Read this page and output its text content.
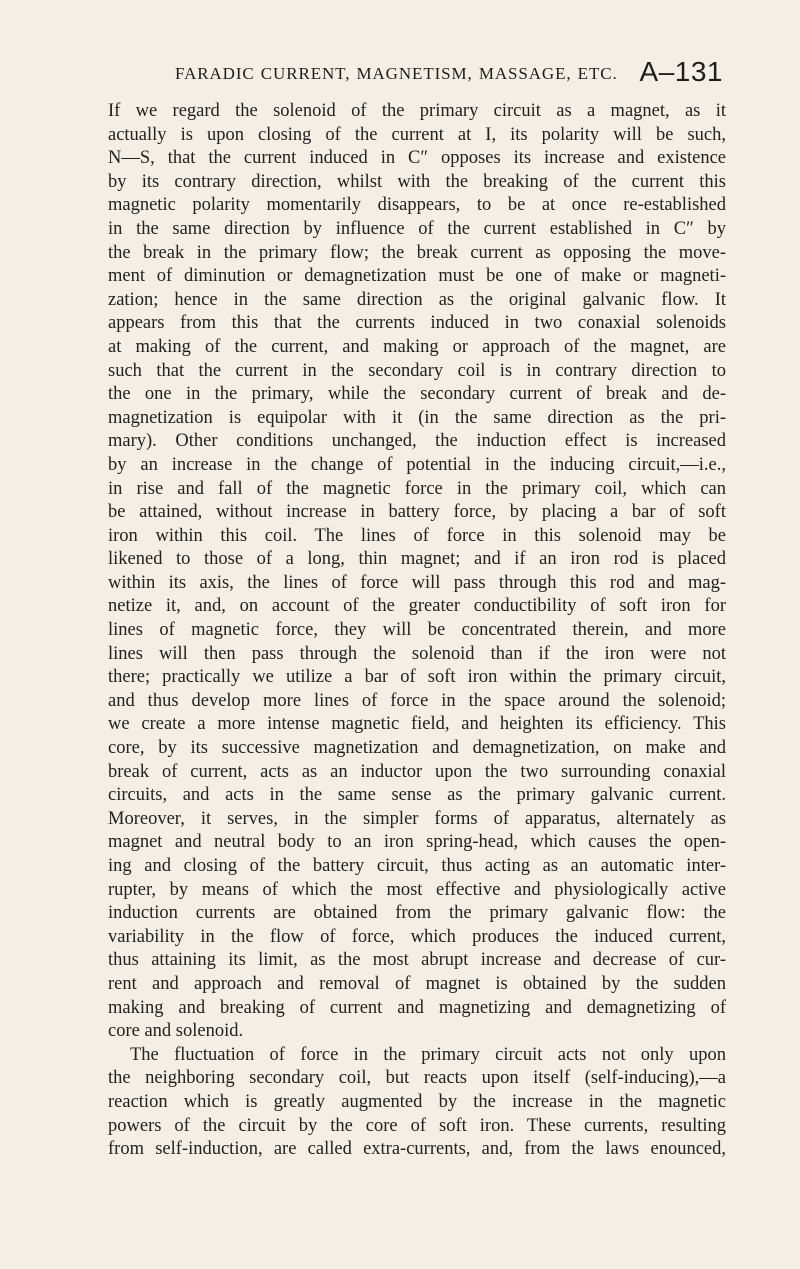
FARADIC CURRENT, MAGNETISM, MASSAGE, ETC. A–131
If we regard the solenoid of the primary circuit as a magnet, as it
actually is upon closing of the current at I, its polarity will be such,
N—S, that the current induced in C″ opposes its increase and existence
by its contrary direction, whilst with the breaking of the current this
magnetic polarity momentarily disappears, to be at once re-established
in the same direction by influence of the current established in C″ by
the break in the primary flow; the break current as opposing the move-
ment of diminution or demagnetization must be one of make or magneti-
zation; hence in the same direction as the original galvanic flow. It
appears from this that the currents induced in two conaxial solenoids
at making of the current, and making or approach of the magnet, are
such that the current in the secondary coil is in contrary direction to
the one in the primary, while the secondary current of break and de-
magnetization is equipolar with it (in the same direction as the pri-
mary). Other conditions unchanged, the induction effect is increased
by an increase in the change of potential in the inducing circuit,—i.e.,
in rise and fall of the magnetic force in the primary coil, which can
be attained, without increase in battery force, by placing a bar of soft
iron within this coil. The lines of force in this solenoid may be
likened to those of a long, thin magnet; and if an iron rod is placed
within its axis, the lines of force will pass through this rod and mag-
netize it, and, on account of the greater conductibility of soft iron for
lines of magnetic force, they will be concentrated therein, and more
lines will then pass through the solenoid than if the iron were not
there; practically we utilize a bar of soft iron within the primary circuit,
and thus develop more lines of force in the space around the solenoid;
we create a more intense magnetic field, and heighten its efficiency. This
core, by its successive magnetization and demagnetization, on make and
break of current, acts as an inductor upon the two surrounding conaxial
circuits, and acts in the same sense as the primary galvanic current.
Moreover, it serves, in the simpler forms of apparatus, alternately as
magnet and neutral body to an iron spring-head, which causes the open-
ing and closing of the battery circuit, thus acting as an automatic inter-
rupter, by means of which the most effective and physiologically active
induction currents are obtained from the primary galvanic flow: the
variability in the flow of force, which produces the induced current,
thus attaining its limit, as the most abrupt increase and decrease of cur-
rent and approach and removal of magnet is obtained by the sudden
making and breaking of current and magnetizing and demagnetizing of
core and solenoid.
The fluctuation of force in the primary circuit acts not only upon
the neighboring secondary coil, but reacts upon itself (self-inducing),—a
reaction which is greatly augmented by the increase in the magnetic
powers of the circuit by the core of soft iron. These currents, resulting
from self-induction, are called extra-currents, and, from the laws enounced,
